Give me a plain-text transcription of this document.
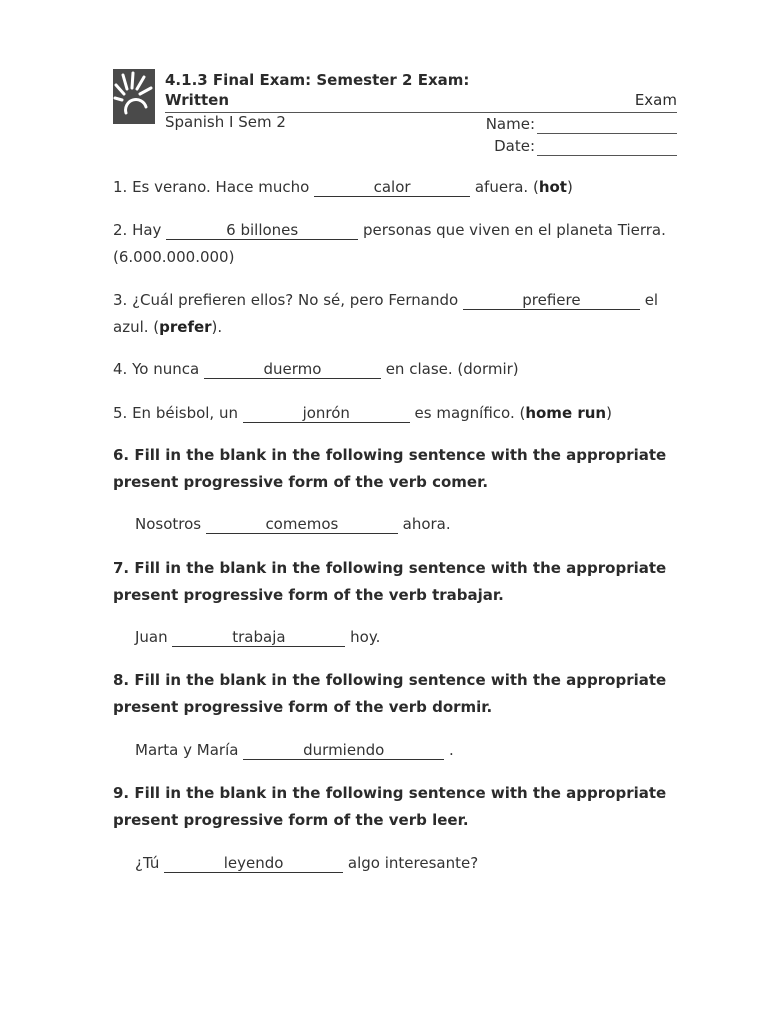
4.1.3 Final Exam: Semester 2 Exam: Written	Exam
Spanish I Sem 2	Name:
Date:

1. Es verano. Hace mucho	calor	afuera. (hot)

2. Hay	6 billones	personas que viven en el planeta Tierra. (6.000.000.000)

3. ¿Cuál prefieren ellos? No sé, pero Fernando	prefiere	el azul. (prefer).

4. Yo nunca	duermo	en clase. (dormir)

5. En béisbol, un	jonrón	es magnífico. (home run)

6. Fill in the blank in the following sentence with the appropriate present progressive form of the verb comer.

Nosotros	comemos	ahora.

7. Fill in the blank in the following sentence with the appropriate present progressive form of the verb trabajar.

Juan	trabaja	hoy.

8. Fill in the blank in the following sentence with the appropriate present progressive form of the verb dormir.

Marta y María	durmiendo	.

9. Fill in the blank in the following sentence with the appropriate present progressive form of the verb leer.

¿Tú	leyendo	algo interesante?
